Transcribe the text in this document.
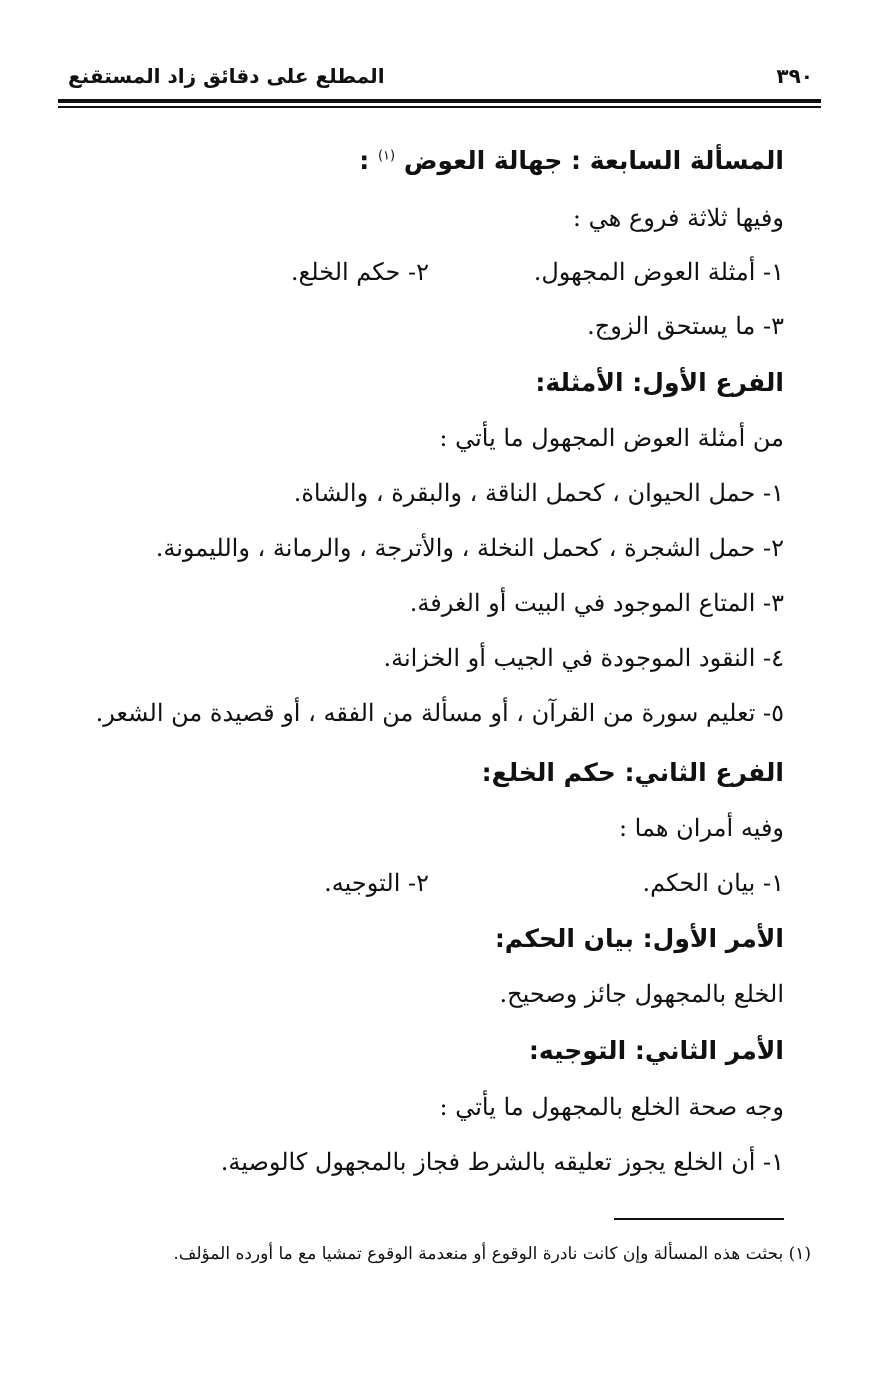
المطلع على دقائق زاد المستقنع	٣٩٠
المسألة السابعة : جهالة العوض $^{(١)}$ :
وفيها ثلاثة فروع هي :
١- أمثلة العوض المجهول.
٢- حكم الخلع.
٣- ما يستحق الزوج.
الفرع الأول: الأمثلة:
من أمثلة العوض المجهول ما يأتي :
١- حمل الحيوان ، كحمل الناقة ، والبقرة ، والشاة.
٢- حمل الشجرة ، كحمل النخلة ، والأترجة ، والرمانة ، والليمونة.
٣- المتاع الموجود في البيت أو الغرفة.
٤- النقود الموجودة في الجيب أو الخزانة.
٥- تعليم سورة من القرآن ، أو مسألة من الفقه ، أو قصيدة من الشعر.
الفرع الثاني: حكم الخلع:
وفيه أمران هما :
١- بيان الحكم.
٢- التوجيه.
الأمر الأول: بيان الحكم:
الخلع بالمجهول جائز وصحيح.
الأمر الثاني: التوجيه:
وجه صحة الخلع بالمجهول ما يأتي :
١- أن الخلع يجوز تعليقه بالشرط فجاز بالمجهول كالوصية.
(١) بحثت هذه المسألة وإن كانت نادرة الوقوع أو منعدمة الوقوع تمشيا مع ما أورده المؤلف.
